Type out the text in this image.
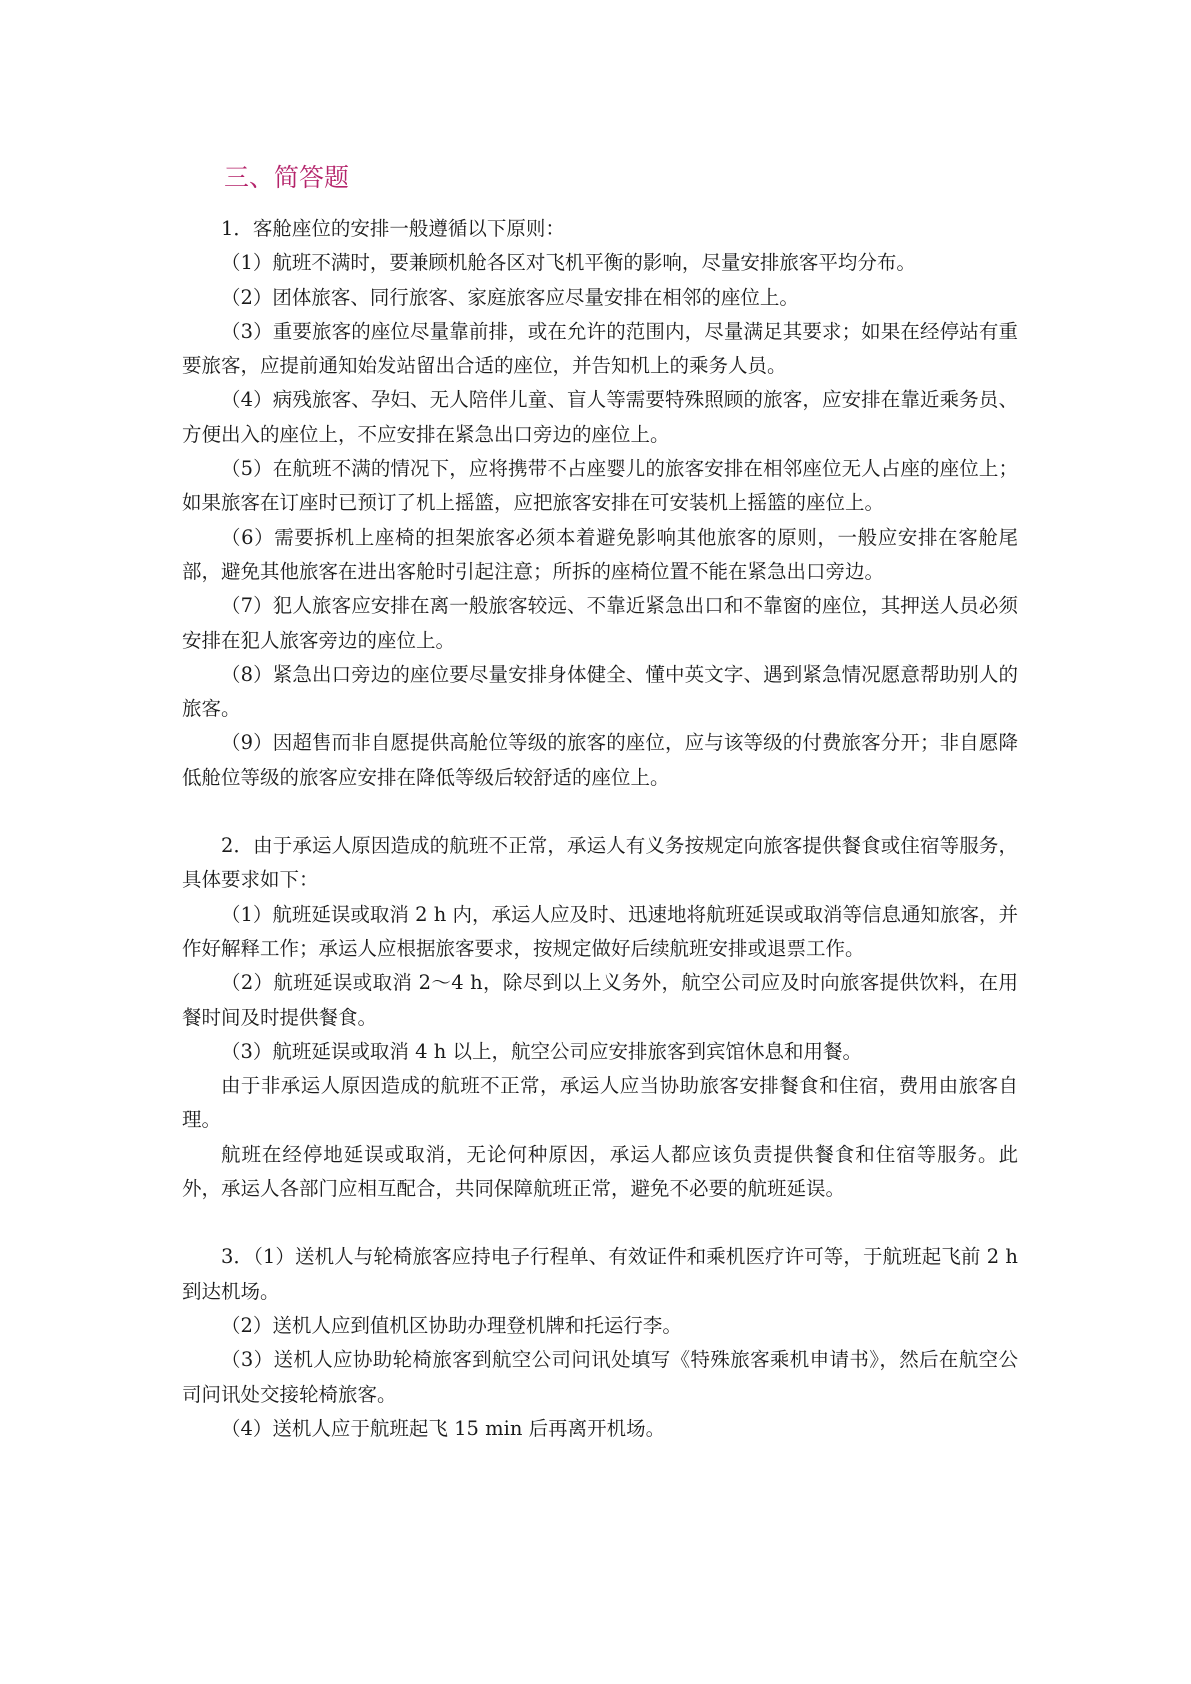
三、简答题

1．客舱座位的安排一般遵循以下原则：

（1）航班不满时，要兼顾机舱各区对飞机平衡的影响，尽量安排旅客平均分布。

（2）团体旅客、同行旅客、家庭旅客应尽量安排在相邻的座位上。

（3）重要旅客的座位尽量靠前排，或在允许的范围内，尽量满足其要求；如果在经停站有重要旅客，应提前通知始发站留出合适的座位，并告知机上的乘务人员。

（4）病残旅客、孕妇、无人陪伴儿童、盲人等需要特殊照顾的旅客，应安排在靠近乘务员、方便出入的座位上，不应安排在紧急出口旁边的座位上。

（5）在航班不满的情况下，应将携带不占座婴儿的旅客安排在相邻座位无人占座的座位上；如果旅客在订座时已预订了机上摇篮，应把旅客安排在可安装机上摇篮的座位上。

（6）需要拆机上座椅的担架旅客必须本着避免影响其他旅客的原则，一般应安排在客舱尾部，避免其他旅客在进出客舱时引起注意；所拆的座椅位置不能在紧急出口旁边。

（7）犯人旅客应安排在离一般旅客较远、不靠近紧急出口和不靠窗的座位，其押送人员必须安排在犯人旅客旁边的座位上。

（8）紧急出口旁边的座位要尽量安排身体健全、懂中英文字、遇到紧急情况愿意帮助别人的旅客。

（9）因超售而非自愿提供高舱位等级的旅客的座位，应与该等级的付费旅客分开；非自愿降低舱位等级的旅客应安排在降低等级后较舒适的座位上。

2．由于承运人原因造成的航班不正常，承运人有义务按规定向旅客提供餐食或住宿等服务，具体要求如下：

（1）航班延误或取消 2 h 内，承运人应及时、迅速地将航班延误或取消等信息通知旅客，并作好解释工作；承运人应根据旅客要求，按规定做好后续航班安排或退票工作。

（2）航班延误或取消 2～4 h，除尽到以上义务外，航空公司应及时向旅客提供饮料，在用餐时间及时提供餐食。

（3）航班延误或取消 4 h 以上，航空公司应安排旅客到宾馆休息和用餐。

由于非承运人原因造成的航班不正常，承运人应当协助旅客安排餐食和住宿，费用由旅客自理。

航班在经停地延误或取消，无论何种原因，承运人都应该负责提供餐食和住宿等服务。此外，承运人各部门应相互配合，共同保障航班正常，避免不必要的航班延误。

3．（1）送机人与轮椅旅客应持电子行程单、有效证件和乘机医疗许可等，于航班起飞前 2 h 到达机场。

（2）送机人应到值机区协助办理登机牌和托运行李。

（3）送机人应协助轮椅旅客到航空公司问讯处填写《特殊旅客乘机申请书》，然后在航空公司问讯处交接轮椅旅客。

（4）送机人应于航班起飞 15 min 后再离开机场。
